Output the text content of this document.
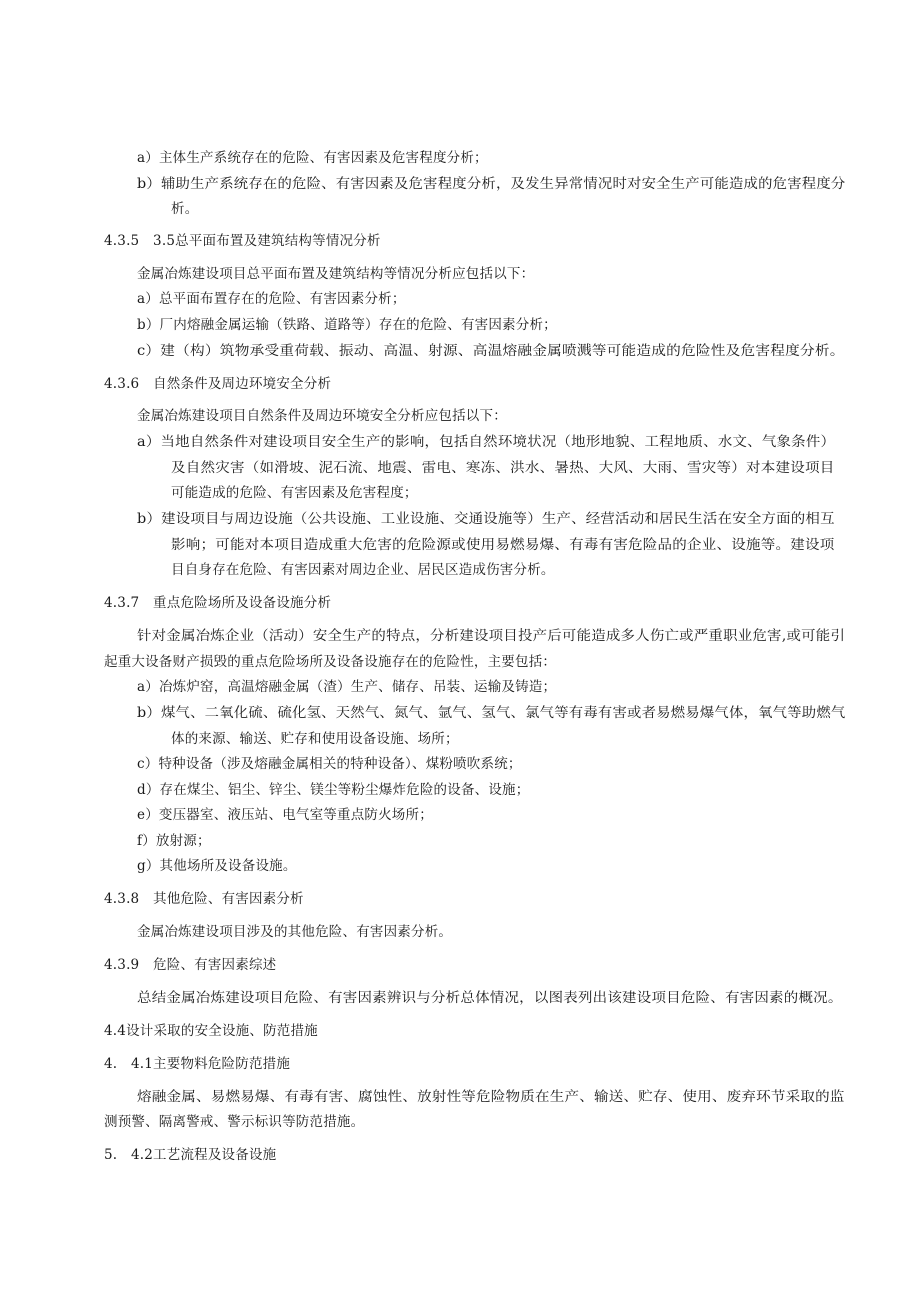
a）主体生产系统存在的危险、有害因素及危害程度分析；
b）辅助生产系统存在的危险、有害因素及危害程度分析，及发生异常情况时对安全生产可能造成的危害程度分
析。
4.3.5　3.5总平面布置及建筑结构等情况分析
金属冶炼建设项目总平面布置及建筑结构等情况分析应包括以下：
a）总平面布置存在的危险、有害因素分析；
b）厂内熔融金属运输（铁路、道路等）存在的危险、有害因素分析；
c）建（构）筑物承受重荷载、振动、高温、射源、高温熔融金属喷溅等可能造成的危险性及危害程度分析。
4.3.6　自然条件及周边环境安全分析
金属冶炼建设项目自然条件及周边环境安全分析应包括以下：
a）当地自然条件对建设项目安全生产的影响，包括自然环境状况（地形地貌、工程地质、水文、气象条件）
及自然灾害（如滑坡、泥石流、地震、雷电、寒冻、洪水、暑热、大风、大雨、雪灾等）对本建设项目
可能造成的危险、有害因素及危害程度；
b）建设项目与周边设施（公共设施、工业设施、交通设施等）生产、经营活动和居民生活在安全方面的相互
影响；可能对本项目造成重大危害的危险源或使用易燃易爆、有毒有害危险品的企业、设施等。建设项
目自身存在危险、有害因素对周边企业、居民区造成伤害分析。
4.3.7　重点危险场所及设备设施分析
针对金属冶炼企业（活动）安全生产的特点，分析建设项目投产后可能造成多人伤亡或严重职业危害,或可能引
起重大设备财产损毁的重点危险场所及设备设施存在的危险性，主要包括：
a）冶炼炉窑，高温熔融金属（渣）生产、储存、吊装、运输及铸造；
b）煤气、二氧化硫、硫化氢、天然气、氮气、氩气、氢气、氯气等有毒有害或者易燃易爆气体，氧气等助燃气
体的来源、输送、贮存和使用设备设施、场所；
c）特种设备（涉及熔融金属相关的特种设备）、煤粉喷吹系统；
d）存在煤尘、铝尘、锌尘、镁尘等粉尘爆炸危险的设备、设施；
e）变压器室、液压站、电气室等重点防火场所；
f）放射源；
g）其他场所及设备设施。
4.3.8　其他危险、有害因素分析
金属冶炼建设项目涉及的其他危险、有害因素分析。
4.3.9　危险、有害因素综述
总结金属冶炼建设项目危险、有害因素辨识与分析总体情况，以图表列出该建设项目危险、有害因素的概况。
4.4设计采取的安全设施、防范措施
4.　4.1主要物料危险防范措施
熔融金属、易燃易爆、有毒有害、腐蚀性、放射性等危险物质在生产、输送、贮存、使用、废弃环节采取的监
测预警、隔离警戒、警示标识等防范措施。
5.　4.2工艺流程及设备设施
